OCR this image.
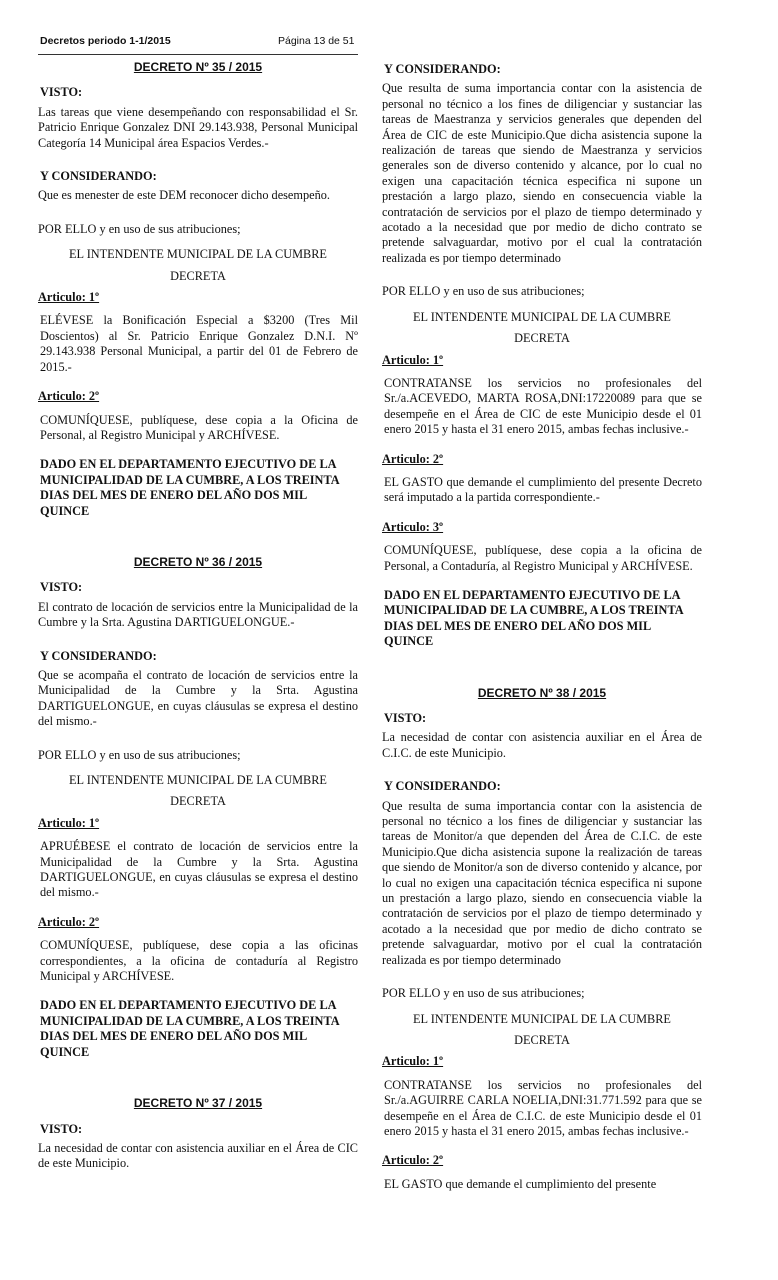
Decretos periodo 1-1/2015	Página 13 de 51
DECRETO Nº 35 / 2015
VISTO:
Las tareas que viene desempeñando con responsabilidad el Sr. Patricio Enrique Gonzalez DNI 29.143.938, Personal Municipal Categoría 14 Municipal área Espacios Verdes.-
Y CONSIDERANDO:
Que es menester de este DEM reconocer dicho desempeño.
POR ELLO y en uso de sus atribuciones;
EL INTENDENTE MUNICIPAL DE LA CUMBRE
DECRETA
Articulo: 1º
ELÉVESE la Bonificación Especial a $3200 (Tres Mil Doscientos) al Sr. Patricio Enrique Gonzalez D.N.I. Nº 29.143.938 Personal Municipal, a partir del 01 de Febrero de 2015.-
Articulo: 2º
COMUNÍQUESE, publíquese, dese copia a la Oficina de Personal, al Registro Municipal y ARCHÍVESE.
DADO EN EL DEPARTAMENTO EJECUTIVO DE LA MUNICIPALIDAD DE LA CUMBRE, A LOS TREINTA DIAS DEL MES DE ENERO DEL AÑO DOS MIL QUINCE
DECRETO Nº 36 / 2015
VISTO:
El contrato de locación de servicios entre la Municipalidad de la Cumbre y la Srta. Agustina DARTIGUELONGUE.-
Y CONSIDERANDO:
Que se acompaña el contrato de locación de servicios entre la Municipalidad de la Cumbre y la Srta. Agustina DARTIGUELONGUE, en cuyas cláusulas se expresa el destino del mismo.-
POR ELLO y en uso de sus atribuciones;
EL INTENDENTE MUNICIPAL DE LA CUMBRE
DECRETA
Articulo: 1º
APRUÉBESE el contrato de locación de servicios entre la Municipalidad de la Cumbre y la Srta. Agustina DARTIGUELONGUE, en cuyas cláusulas se expresa el destino del mismo.-
Articulo: 2º
COMUNÍQUESE, publíquese, dese copia a las oficinas correspondientes, a la oficina de contaduría al Registro Municipal y ARCHÍVESE.
DADO EN EL DEPARTAMENTO EJECUTIVO DE LA MUNICIPALIDAD DE LA CUMBRE, A LOS TREINTA DIAS DEL MES DE ENERO DEL AÑO DOS MIL QUINCE
DECRETO Nº 37 / 2015
VISTO:
La necesidad de contar con asistencia auxiliar en el Área de CIC de este Municipio.
Y CONSIDERANDO:
Que resulta de suma importancia contar con la asistencia de personal no técnico a los fines de diligenciar y sustanciar las tareas de Maestranza y servicios generales que dependen del Área de CIC de este Municipio.Que dicha asistencia supone la realización de tareas que siendo de Maestranza y servicios generales son de diverso contenido y alcance, por lo cual no exigen una capacitación técnica especifica ni supone un prestación a largo plazo, siendo en consecuencia viable la contratación de servicios por el plazo de tiempo determinado y acotado a la necesidad que por medio de dicho contrato se pretende salvaguardar, motivo por el cual la contratación realizada es por tiempo determinado
POR ELLO y en uso de sus atribuciones;
EL INTENDENTE MUNICIPAL DE LA CUMBRE
DECRETA
Articulo: 1º
CONTRATANSE los servicios no profesionales del Sr./a.ACEVEDO, MARTA ROSA,DNI:17220089 para que se desempeñe en el Área de CIC de este Municipio desde el 01 enero 2015 y hasta el 31 enero 2015, ambas fechas inclusive.-
Articulo: 2º
EL GASTO que demande el cumplimiento del presente Decreto será imputado a la partida correspondiente.-
Articulo: 3º
COMUNÍQUESE, publíquese, dese copia a la oficina de Personal, a Contaduría, al Registro Municipal y ARCHÍVESE.
DADO EN EL DEPARTAMENTO EJECUTIVO DE LA MUNICIPALIDAD DE LA CUMBRE, A LOS TREINTA DIAS DEL MES DE ENERO DEL AÑO DOS MIL QUINCE
DECRETO Nº 38 / 2015
VISTO:
La necesidad de contar con asistencia auxiliar en el Área de C.I.C. de este Municipio.
Y CONSIDERANDO:
Que resulta de suma importancia contar con la asistencia de personal no técnico a los fines de diligenciar y sustanciar las tareas de Monitor/a que dependen del Área de C.I.C. de este Municipio.Que dicha asistencia supone la realización de tareas que siendo de Monitor/a son de diverso contenido y alcance, por lo cual no exigen una capacitación técnica especifica ni supone un prestación a largo plazo, siendo en consecuencia viable la contratación de servicios por el plazo de tiempo determinado y acotado a la necesidad que por medio de dicho contrato se pretende salvaguardar, motivo por el cual la contratación realizada es por tiempo determinado
POR ELLO y en uso de sus atribuciones;
EL INTENDENTE MUNICIPAL DE LA CUMBRE
DECRETA
Articulo: 1º
CONTRATANSE los servicios no profesionales del Sr./a.AGUIRRE CARLA NOELIA,DNI:31.771.592 para que se desempeñe en el Área de C.I.C. de este Municipio desde el 01 enero 2015 y hasta el 31 enero 2015, ambas fechas inclusive.-
Articulo: 2º
EL GASTO que demande el cumplimiento del presente
